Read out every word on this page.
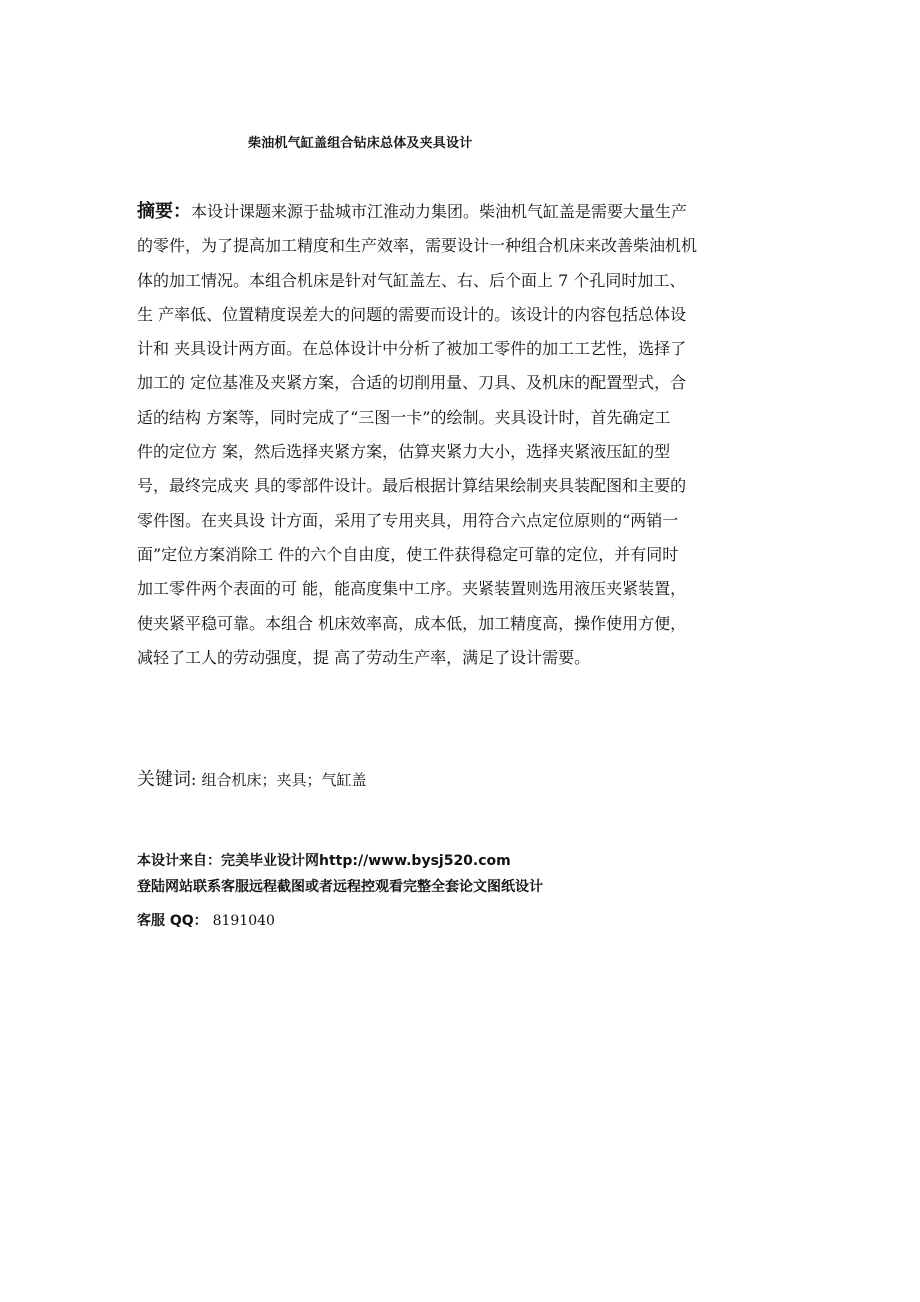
柴油机气缸盖组合钻床总体及夹具设计
摘要：本设计课题来源于盐城市江淮动力集团。柴油机气缸盖是需要大量生产
的零件，为了提高加工精度和生产效率，需要设计一种组合机床来改善柴油机机
体的加工情况。本组合机床是针对气缸盖左、右、后个面上 7 个孔同时加工、
生 产率低、位置精度误差大的问题的需要而设计的。该设计的内容包括总体设
计和 夹具设计两方面。在总体设计中分析了被加工零件的加工工艺性，选择了
加工的 定位基准及夹紧方案，合适的切削用量、刀具、及机床的配置型式，合
适的结构 方案等，同时完成了“三图一卡”的绘制。夹具设计时，首先确定工
件的定位方 案，然后选择夹紧方案，估算夹紧力大小，选择夹紧液压缸的型
号，最终完成夹 具的零部件设计。最后根据计算结果绘制夹具装配图和主要的
零件图。在夹具设 计方面，采用了专用夹具，用符合六点定位原则的“两销一
面”定位方案消除工 件的六个自由度，使工件获得稳定可靠的定位，并有同时
加工零件两个表面的可 能，能高度集中工序。夹紧装置则选用液压夹紧装置，
使夹紧平稳可靠。本组合 机床效率高，成本低，加工精度高，操作使用方便，
减轻了工人的劳动强度，提 高了劳动生产率，满足了设计需要。

关键词: 组合机床；夹具；气缸盖

本设计来自：完美毕业设计网http://www.bysj520.com
登陆网站联系客服远程截图或者远程控观看完整全套论文图纸设计
客服 QQ： 8191040
